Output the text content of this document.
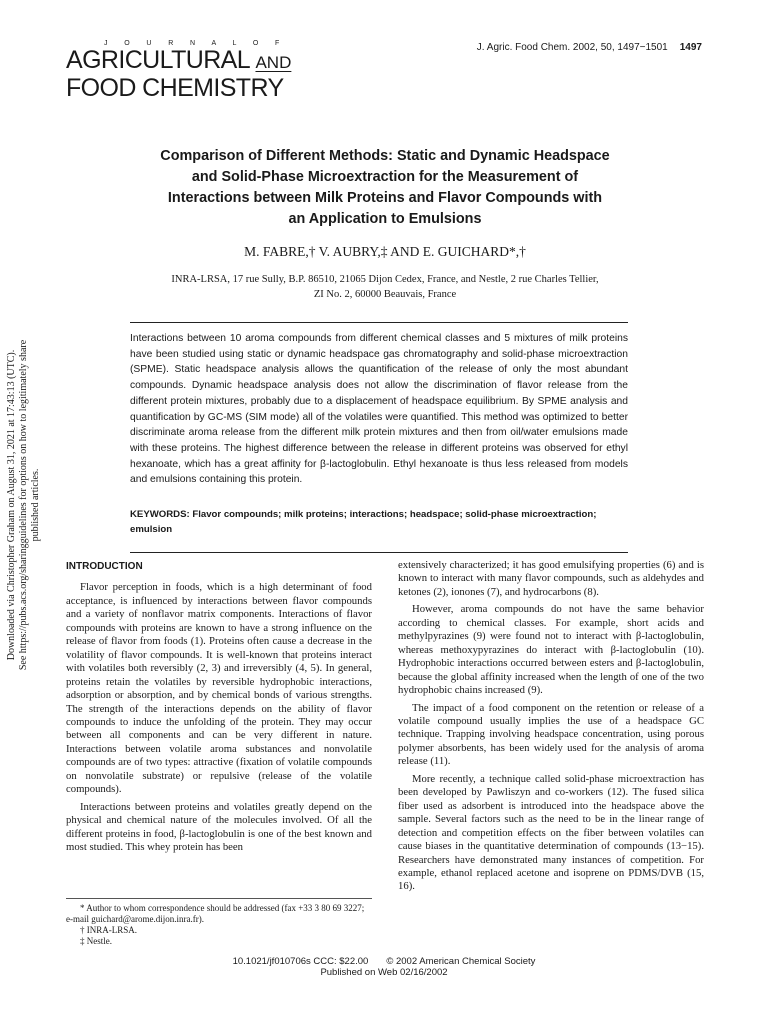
J O U R N A L O F
AGRICULTURAL AND
FOOD CHEMISTRY
J. Agric. Food Chem. 2002, 50, 1497−1501 1497
Downloaded via Christopher Graham on August 31, 2021 at 17:43:13 (UTC). See https://pubs.acs.org/sharingguidelines for options on how to legitimately share published articles.
Comparison of Different Methods: Static and Dynamic Headspace and Solid-Phase Microextraction for the Measurement of Interactions between Milk Proteins and Flavor Compounds with an Application to Emulsions
M. FABRE,† V. AUBRY,‡ AND E. GUICHARD*,†
INRA-LRSA, 17 rue Sully, B.P. 86510, 21065 Dijon Cedex, France, and Nestle, 2 rue Charles Tellier,
ZI No. 2, 60000 Beauvais, France
Interactions between 10 aroma compounds from different chemical classes and 5 mixtures of milk proteins have been studied using static or dynamic headspace gas chromatography and solid-phase microextraction (SPME). Static headspace analysis allows the quantification of the release of only the most abundant compounds. Dynamic headspace analysis does not allow the discrimination of flavor release from the different protein mixtures, probably due to a displacement of headspace equilibrium. By SPME analysis and quantification by GC-MS (SIM mode) all of the volatiles were quantified. This method was optimized to better discriminate aroma release from the different milk protein mixtures and then from oil/water emulsions made with these proteins. The highest difference between the release in different proteins was observed for ethyl hexanoate, which has a great affinity for β-lactoglobulin. Ethyl hexanoate is thus less released from models and emulsions containing this protein.
KEYWORDS: Flavor compounds; milk proteins; interactions; headspace; solid-phase microextraction; emulsion
INTRODUCTION

Flavor perception in foods, which is a high determinant of food acceptance, is influenced by interactions between flavor compounds and a variety of nonflavor matrix components. Interactions of flavor compounds with proteins are known to have a strong influence on the release of flavor from foods (1). Proteins often cause a decrease in the volatility of flavor compounds. It is well-known that proteins interact with volatiles both reversibly (2, 3) and irreversibly (4, 5). In general, proteins retain the volatiles by reversible hydrophobic interactions, adsorption or absorption, and by chemical bonds of various strengths. The strength of the interactions depends on the ability of flavor compounds to induce the unfolding of the protein. They may occur between all components and can be very different in nature. Interactions between volatile aroma substances and nonvolatile compounds are of two types: attractive (fixation of volatile compounds on nonvolatile substrate) or repulsive (release of the volatile compounds).

Interactions between proteins and volatiles greatly depend on the physical and chemical nature of the molecules involved. Of all the different proteins in food, β-lactoglobulin is one of the best known and most studied. This whey protein has been

extensively characterized; it has good emulsifying properties (6) and is known to interact with many flavor compounds, such as aldehydes and ketones (2), ionones (7), and hydrocarbons (8).

However, aroma compounds do not have the same behavior according to chemical classes. For example, short acids and methylpyrazines (9) were found not to interact with β-lactoglobulin, whereas methoxypyrazines do interact with β-lactoglobulin (10). Hydrophobic interactions occurred between esters and β-lactoglobulin, because the global affinity increased when the length of one of the two hydrophobic chains increased (9).

The impact of a food component on the retention or release of a volatile compound usually implies the use of a headspace GC technique. Trapping involving headspace concentration, using porous polymer absorbents, has been widely used for the analysis of aroma release (11).

More recently, a technique called solid-phase microextraction has been developed by Pawliszyn and co-workers (12). The fused silica fiber used as adsorbent is introduced into the headspace above the sample. Several factors such as the need to be in the linear range of detection and competition effects on the fiber between volatiles can cause biases in the quantitative determination of compounds (13−15). Researchers have demonstrated many instances of competition. For example, ethanol replaced acetone and isoprene on PDMS/DVB (15, 16).

* Author to whom correspondence should be addressed (fax +33 3 80 69 3227; e-mail guichard@arome.dijon.inra.fr).
† INRA-LRSA.
‡ Nestle.
10.1021/jf010706s CCC: $22.00 © 2002 American Chemical Society
Published on Web 02/16/2002
